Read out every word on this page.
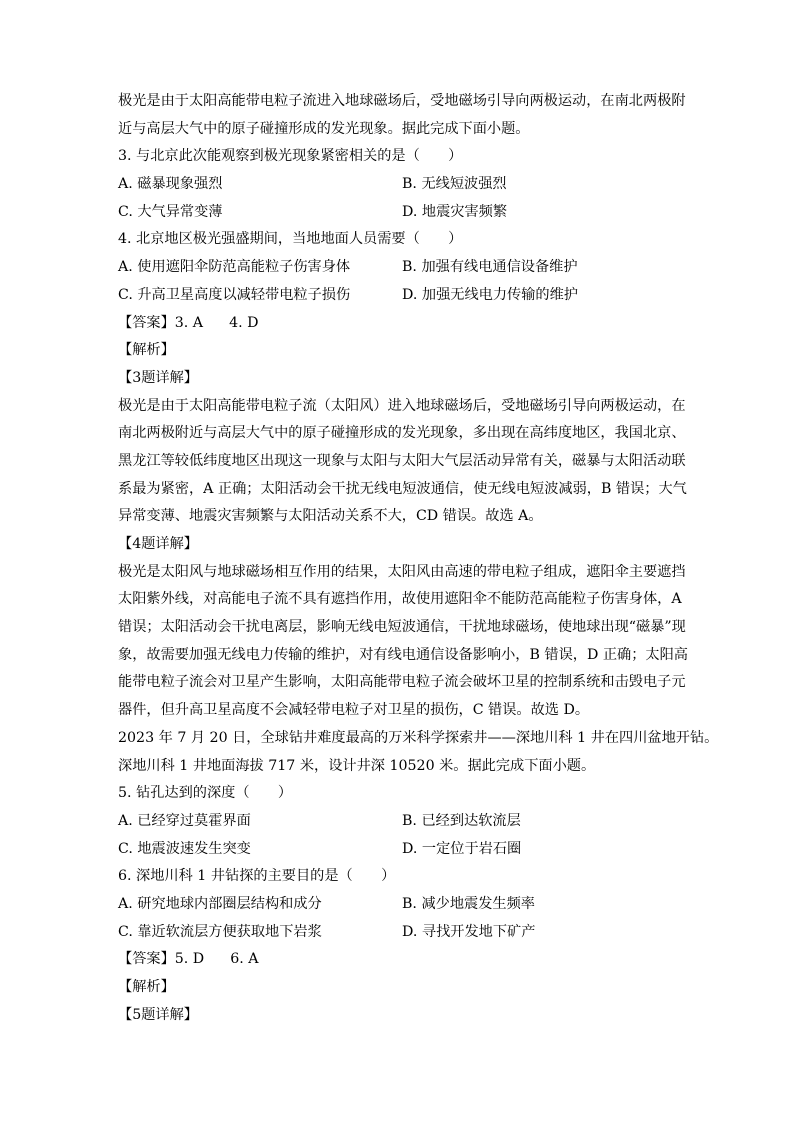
极光是由于太阳高能带电粒子流进入地球磁场后，受地磁场引导向两极运动，在南北两极附
近与高层大气中的原子碰撞形成的发光现象。据此完成下面小题。
3. 与北京此次能观察到极光现象紧密相关的是（　　）
A. 磁暴现象强烈	B. 无线短波强烈
C. 大气异常变薄	D. 地震灾害频繁
4. 北京地区极光强盛期间，当地地面人员需要（　　）
A. 使用遮阳伞防范高能粒子伤害身体	B. 加强有线电通信设备维护
C. 升高卫星高度以减轻带电粒子损伤	D. 加强无线电力传输的维护
【答案】3. A 4. D
【解析】
【3题详解】
极光是由于太阳高能带电粒子流（太阳风）进入地球磁场后，受地磁场引导向两极运动，在
南北两极附近与高层大气中的原子碰撞形成的发光现象，多出现在高纬度地区，我国北京、
黑龙江等较低纬度地区出现这一现象与太阳与太阳大气层活动异常有关，磁暴与太阳活动联
系最为紧密，A 正确；太阳活动会干扰无线电短波通信，使无线电短波减弱，B 错误；大气
异常变薄、地震灾害频繁与太阳活动关系不大，CD 错误。故选 A。
【4题详解】
极光是太阳风与地球磁场相互作用的结果，太阳风由高速的带电粒子组成，遮阳伞主要遮挡
太阳紫外线，对高能电子流不具有遮挡作用，故使用遮阳伞不能防范高能粒子伤害身体，A
错误；太阳活动会干扰电离层，影响无线电短波通信，干扰地球磁场，使地球出现“磁暴”现
象，故需要加强无线电力传输的维护，对有线电通信设备影响小，B 错误，D 正确；太阳高
能带电粒子流会对卫星产生影响，太阳高能带电粒子流会破坏卫星的控制系统和击毁电子元
器件，但升高卫星高度不会减轻带电粒子对卫星的损伤，C 错误。故选 D。
2023 年 7 月 20 日，全球钻井难度最高的万米科学探索井——深地川科 1 井在四川盆地开钻。
深地川科 1 井地面海拔 717 米，设计井深 10520 米。据此完成下面小题。
5. 钻孔达到的深度（　　）
A. 已经穿过莫霍界面	B. 已经到达软流层
C. 地震波速发生突变	D. 一定位于岩石圈
6. 深地川科 1 井钻探的主要目的是（　　）
A. 研究地球内部圈层结构和成分	B. 减少地震发生频率
C. 靠近软流层方便获取地下岩浆	D. 寻找开发地下矿产
【答案】5. D 6. A
【解析】
【5题详解】
